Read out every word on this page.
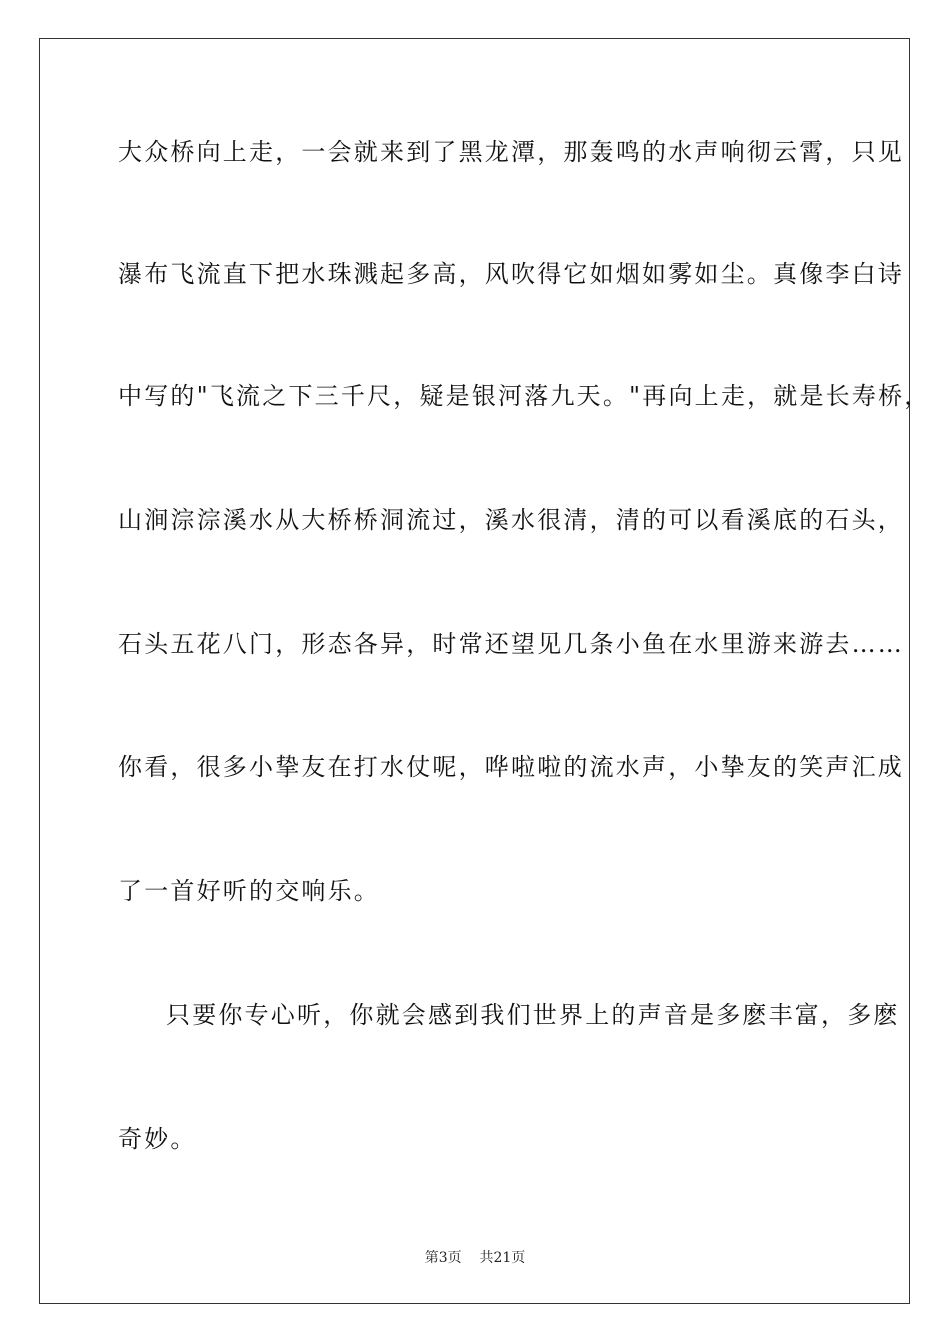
大众桥向上走，一会就来到了黑龙潭，那轰鸣的水声响彻云霄，只见
瀑布飞流直下把水珠溅起多高，风吹得它如烟如雾如尘。真像李白诗
中写的"飞流之下三千尺，疑是银河落九天。"再向上走，就是长寿桥，
山涧淙淙溪水从大桥桥洞流过，溪水很清，清的可以看溪底的石头，
石头五花八门，形态各异，时常还望见几条小鱼在水里游来游去……
你看，很多小挚友在打水仗呢，哗啦啦的流水声，小挚友的笑声汇成
了一首好听的交响乐。
只要你专心听，你就会感到我们世界上的声音是多麽丰富，多麽
奇妙。
第3页 共21页
